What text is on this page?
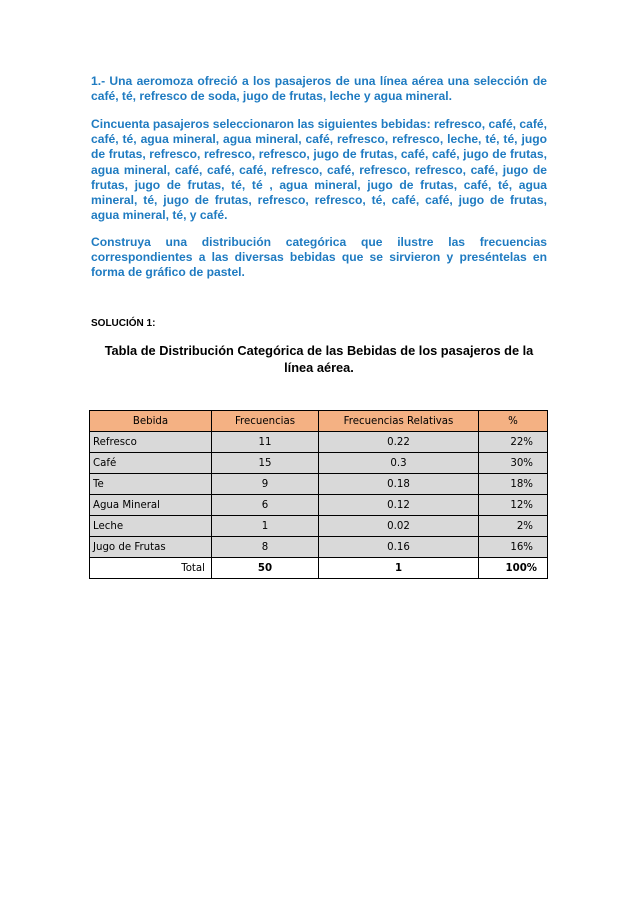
1.- Una aeromoza ofreció a los pasajeros de una línea aérea una selección de café, té, refresco de soda, jugo de frutas, leche y agua mineral.

Cincuenta pasajeros seleccionaron las siguientes bebidas: refresco, café, café, café, té, agua mineral, agua mineral, café, refresco, refresco, leche, té, té, jugo de frutas, refresco, refresco, refresco, jugo de frutas, café, café, jugo de frutas, agua mineral, café, café, café, refresco, café, refresco, refresco, café, jugo de frutas, jugo de frutas, té, té , agua mineral, jugo de frutas, café, té, agua mineral, té, jugo de frutas, refresco, refresco, té, café, café, jugo de frutas, agua mineral, té, y café.

Construya una distribución categórica que ilustre las frecuencias correspondientes a las diversas bebidas que se sirvieron y preséntelas en forma de gráfico de pastel.

SOLUCIÓN 1:

Tabla de Distribución Categórica de las Bebidas de los pasajeros de la línea aérea.

Bebida	Frecuencias	Frecuencias Relativas	%
Refresco	11	0.22	22%
Café	15	0.3	30%
Te	9	0.18	18%
Agua Mineral	6	0.12	12%
Leche	1	0.02	2%
Jugo de Frutas	8	0.16	16%
Total	50	1	100%
